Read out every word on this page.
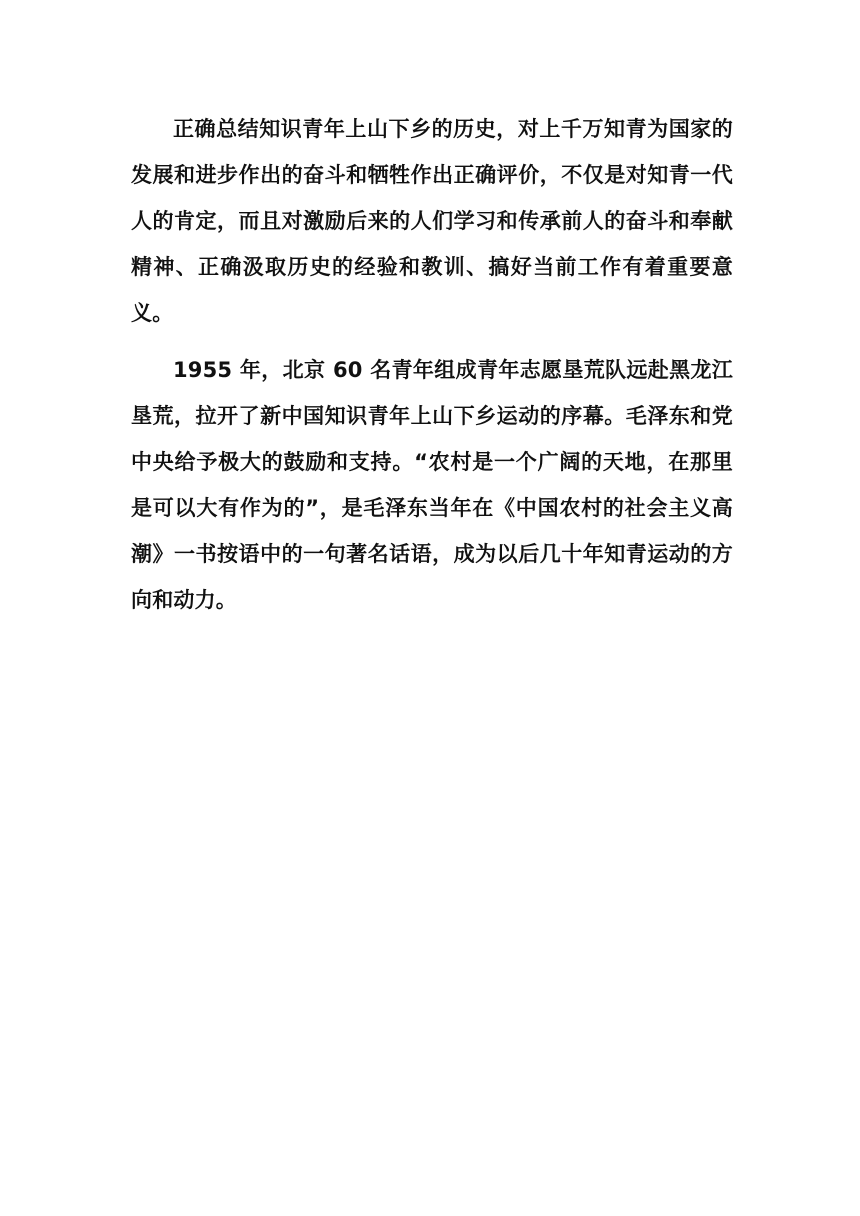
正确总结知识青年上山下乡的历史，对上千万知青为国家的发展和进步作出的奋斗和牺牲作出正确评价，不仅是对知青一代人的肯定，而且对激励后来的人们学习和传承前人的奋斗和奉献精神、正确汲取历史的经验和教训、搞好当前工作有着重要意义。

1955 年，北京 60 名青年组成青年志愿垦荒队远赴黑龙江垦荒，拉开了新中国知识青年上山下乡运动的序幕。毛泽东和党中央给予极大的鼓励和支持。“农村是一个广阔的天地，在那里是可以大有作为的”，是毛泽东当年在《中国农村的社会主义高潮》一书按语中的一句著名话语，成为以后几十年知青运动的方向和动力。
